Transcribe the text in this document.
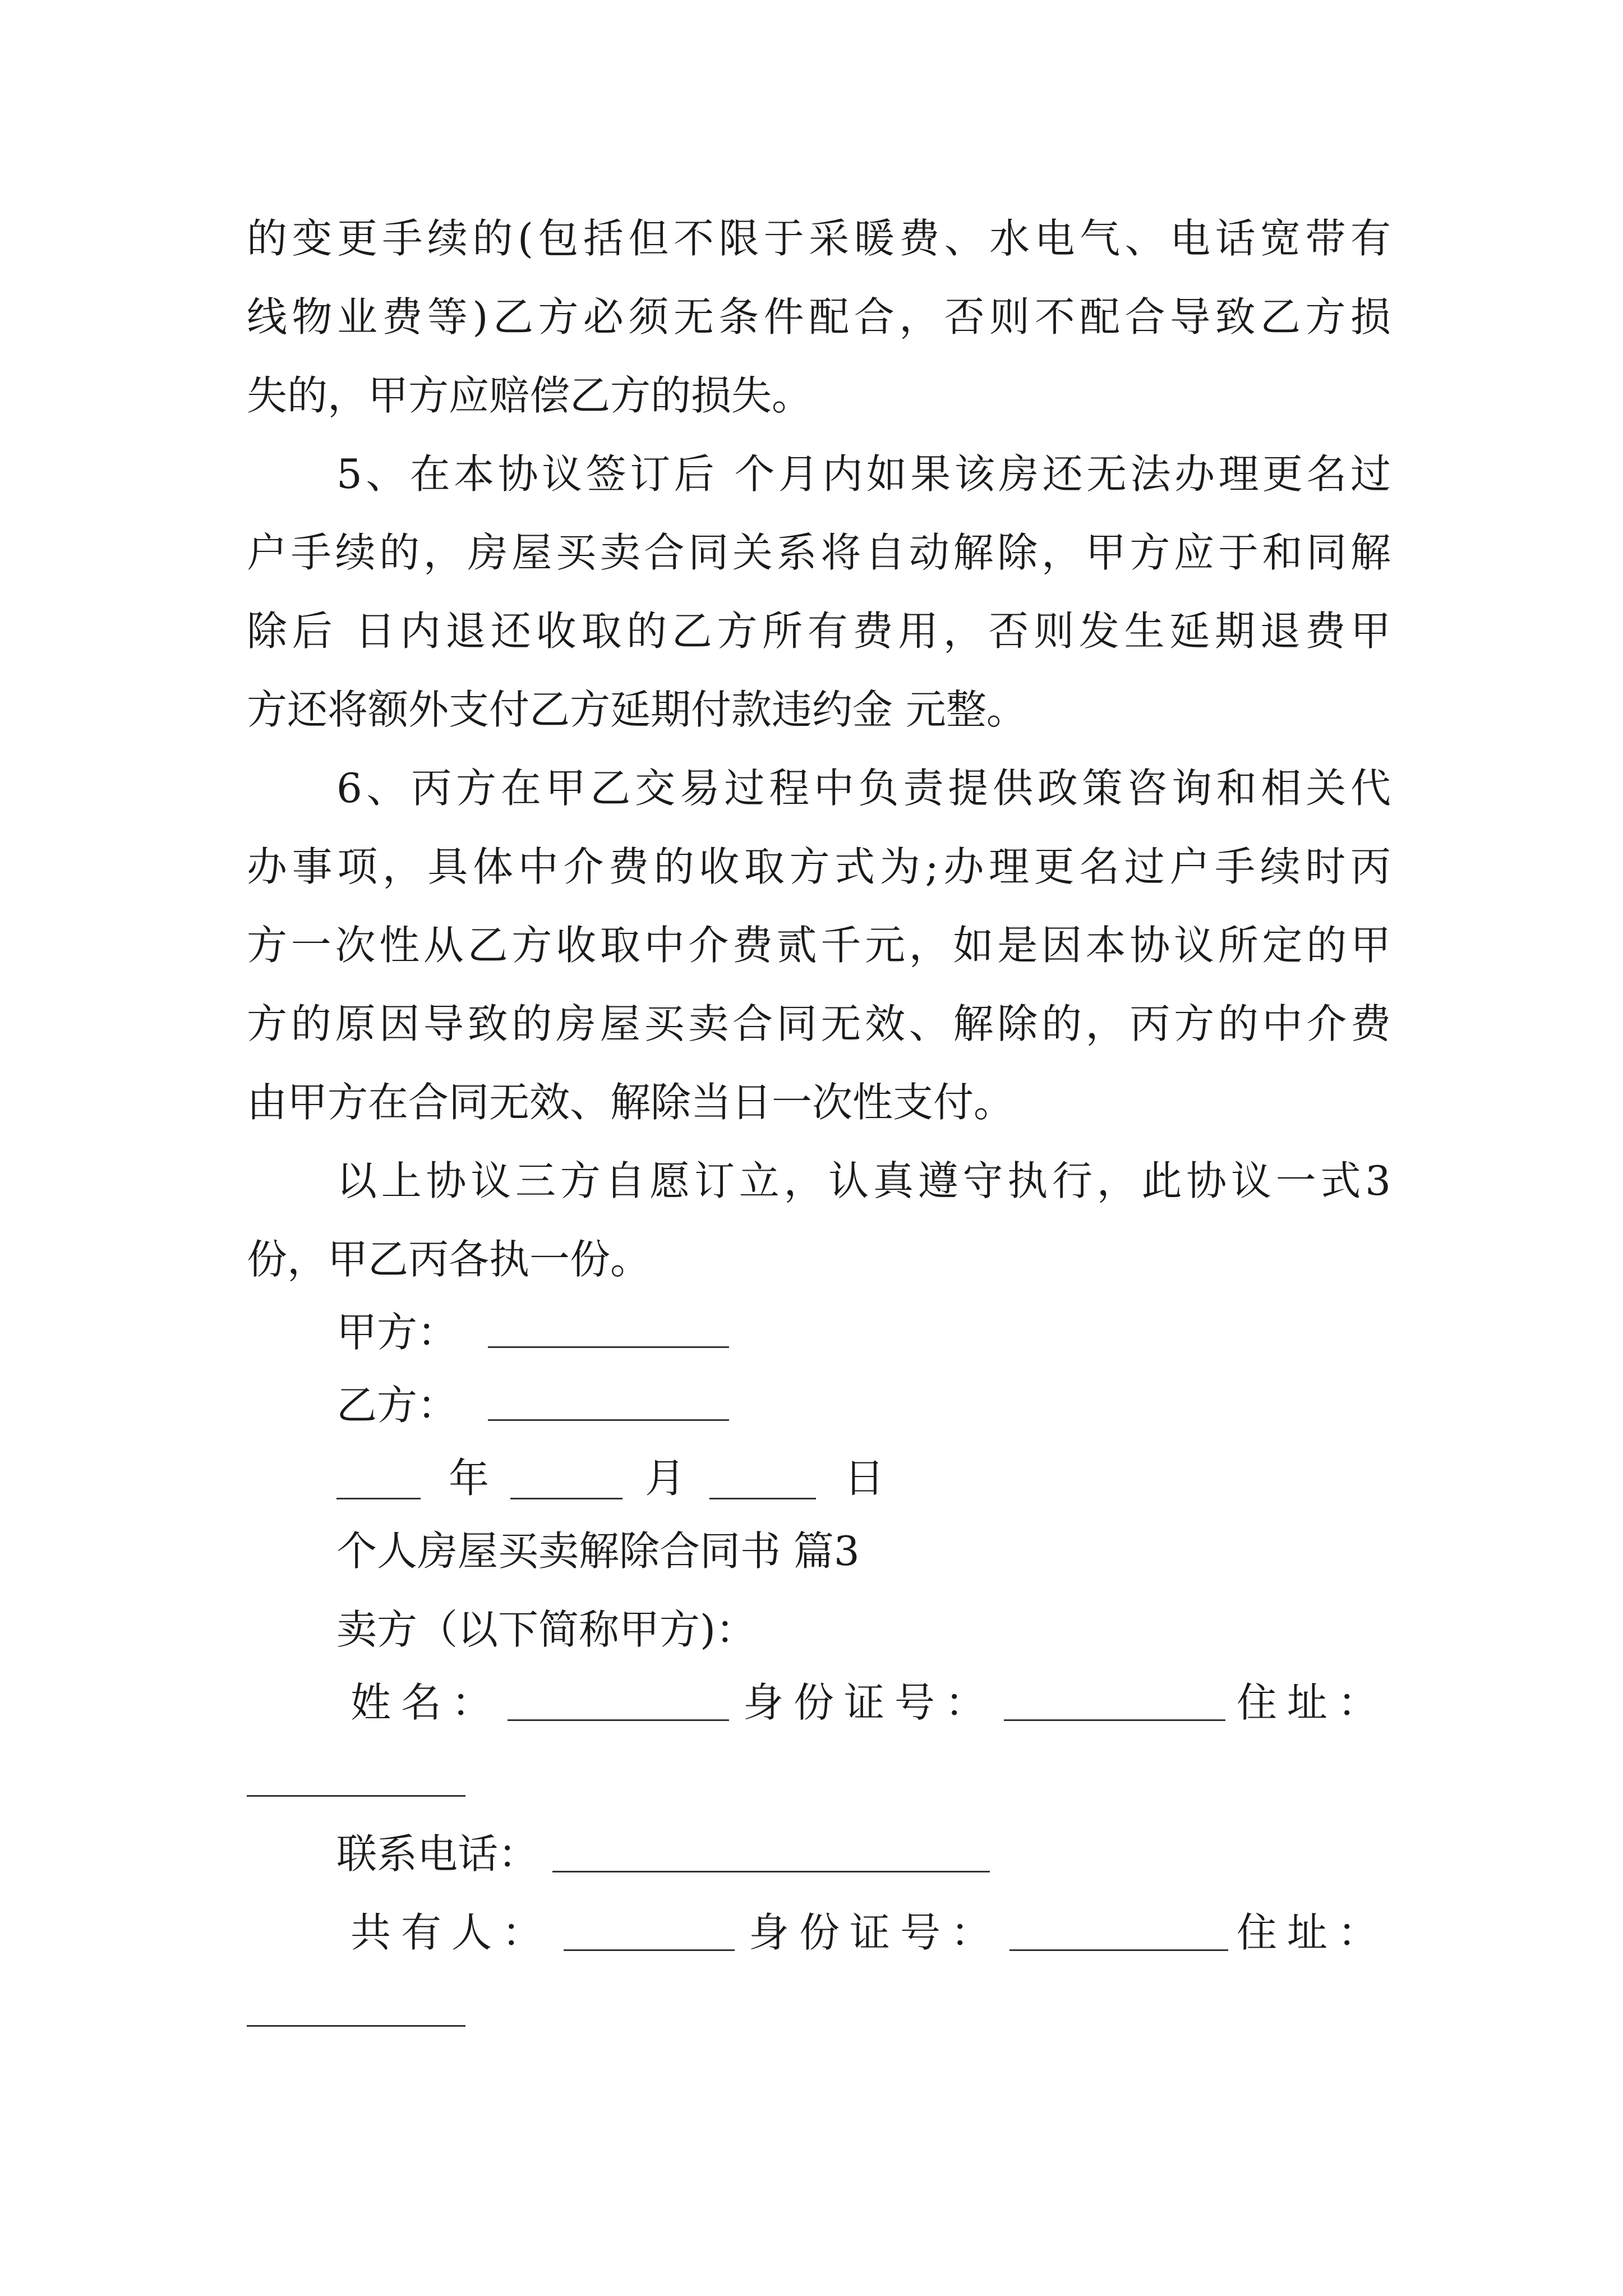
的变更手续的(包括但不限于采暖费、水电气、电话宽带有
线物业费等)乙方必须无条件配合，否则不配合导致乙方损
失的，甲方应赔偿乙方的损失。
5、在本协议签订后 个月内如果该房还无法办理更名过
户手续的，房屋买卖合同关系将自动解除，甲方应于和同解
除后 日内退还收取的乙方所有费用，否则发生延期退费甲
方还将额外支付乙方延期付款违约金 元整。
6、丙方在甲乙交易过程中负责提供政策咨询和相关代
办事项，具体中介费的收取方式为;办理更名过户手续时丙
方一次性从乙方收取中介费贰千元，如是因本协议所定的甲
方的原因导致的房屋买卖合同无效、解除的，丙方的中介费
由甲方在合同无效、解除当日一次性支付。
以上协议三方自愿订立，认真遵守执行，此协议一式3
份，甲乙丙各执一份。
甲方：
乙方：
年	月	日
个人房屋买卖解除合同书 篇3
卖方（以下简称甲方)：
姓名：	身份证号：	住址：
联系电话：
共有人：	身份证号：	住址：
